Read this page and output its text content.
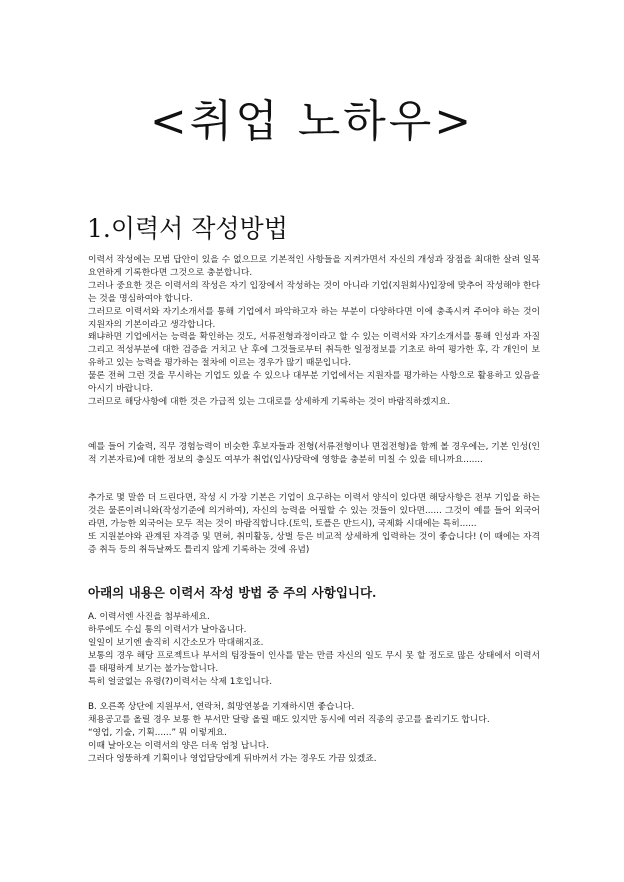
<취업 노하우>
1.이력서 작성방법

이력서 작성에는 모범 답안이 있을 수 없으므로 기본적인 사항들을 지켜가면서 자신의 개성과 장점을 최대한 살려 일목요연하게 기록한다면 그것으로 충분합니다.

그러나 중요한 것은 이력서의 작성은 자기 입장에서 작성하는 것이 아니라 기업(지원회사)입장에 맞추어 작성해야 한다는 것을 명심하여야 합니다.

그러므로 이력서와 자기소개서를 통해 기업에서 파악하고자 하는 부분이 다양하다면 이에 충족시켜 주어야 하는 것이 지원자의 기본이라고 생각합니다.

왜냐하면 기업에서는 능력을 확인하는 것도, 서류전형과정이라고 할 수 있는 이력서와 자기소개서를 통해 인성과 자질 그리고 적성부분에 대한 검증을 거치고 난 후에 그것들로부터 취득한 일정정보를 기초로 하여 평가한 후, 각 개인이 보유하고 있는 능력을 평가하는 절차에 이르는 경우가 많기 때문입니다.

물론 전혀 그런 것을 무시하는 기업도 있을 수 있으나 대부분 기업에서는 지원자를 평가하는 사항으로 활용하고 있음을 아시기 바랍니다.

그러므로 해당사항에 대한 것은 가급적 있는 그대로를 상세하게 기록하는 것이 바람직하겠지요.

예를 들어 기술력, 직무 경험능력이 비슷한 후보자들과 전형(서류전형이나 면접전형)을 함께 볼 경우에는, 기본 인성(인적 기본자료)에 대한 정보의 충실도 여부가 취업(입사)당락에 영향을 충분히 미칠 수 있을 테니까요.......

추가로 몇 말씀 더 드린다면, 작성 시 가장 기본은 기업이 요구하는 이력서 양식이 있다면 해당사항은 전부 기입을 하는 것은 물론이려니와(작성기준에 의거하여), 자신의 능력을 어필할 수 있는 것들이 있다면...... 그것이 예를 들어 외국어라면, 가능한 외국어는 모두 적는 것이 바람직합니다.(토익, 토플은 반드시), 국제화 시대에는 특히......

또 지원분야와 관계된 자격증 및 면허, 취미활동, 상벌 등은 비교적 상세하게 입력하는 것이 좋습니다! (이 때에는 자격증 취득 등의 취득날짜도 틀리지 않게 기록하는 것에 유념)

아래의 내용은 이력서 작성 방법 중 주의 사항입니다.

A. 이력서엔 사진을 첨부하세요.

하루에도 수십 통의 이력서가 날아옵니다.

일일이 보기엔 솔직히 시간소모가 막대해지죠.

보통의 경우 해당 프로젝트나 부서의 팀장들이 인사를 맡는 만큼 자신의 일도 무시 못 할 정도로 많은 상태에서 이력서를 태평하게 보기는 불가능합니다.

특히 얼굴없는 유령(?)이력서는 삭제 1호입니다.

B. 오른쪽 상단에 지원부서, 연락처, 희망연봉을 기재하시면 좋습니다.

채용공고를 올릴 경우 보통 한 부서만 달랑 올릴 때도 있지만 동시에 여러 직종의 공고를 올리기도 합니다.

“영업, 기술, 기획......” 뭐 이렇게요.

이때 날아오는 이력서의 양은 더욱 엄청 납니다.

그러다 엉뚱하게 기획이나 영업담당에게 뒤바꺼서 가는 경우도 가끔 있겠죠.
